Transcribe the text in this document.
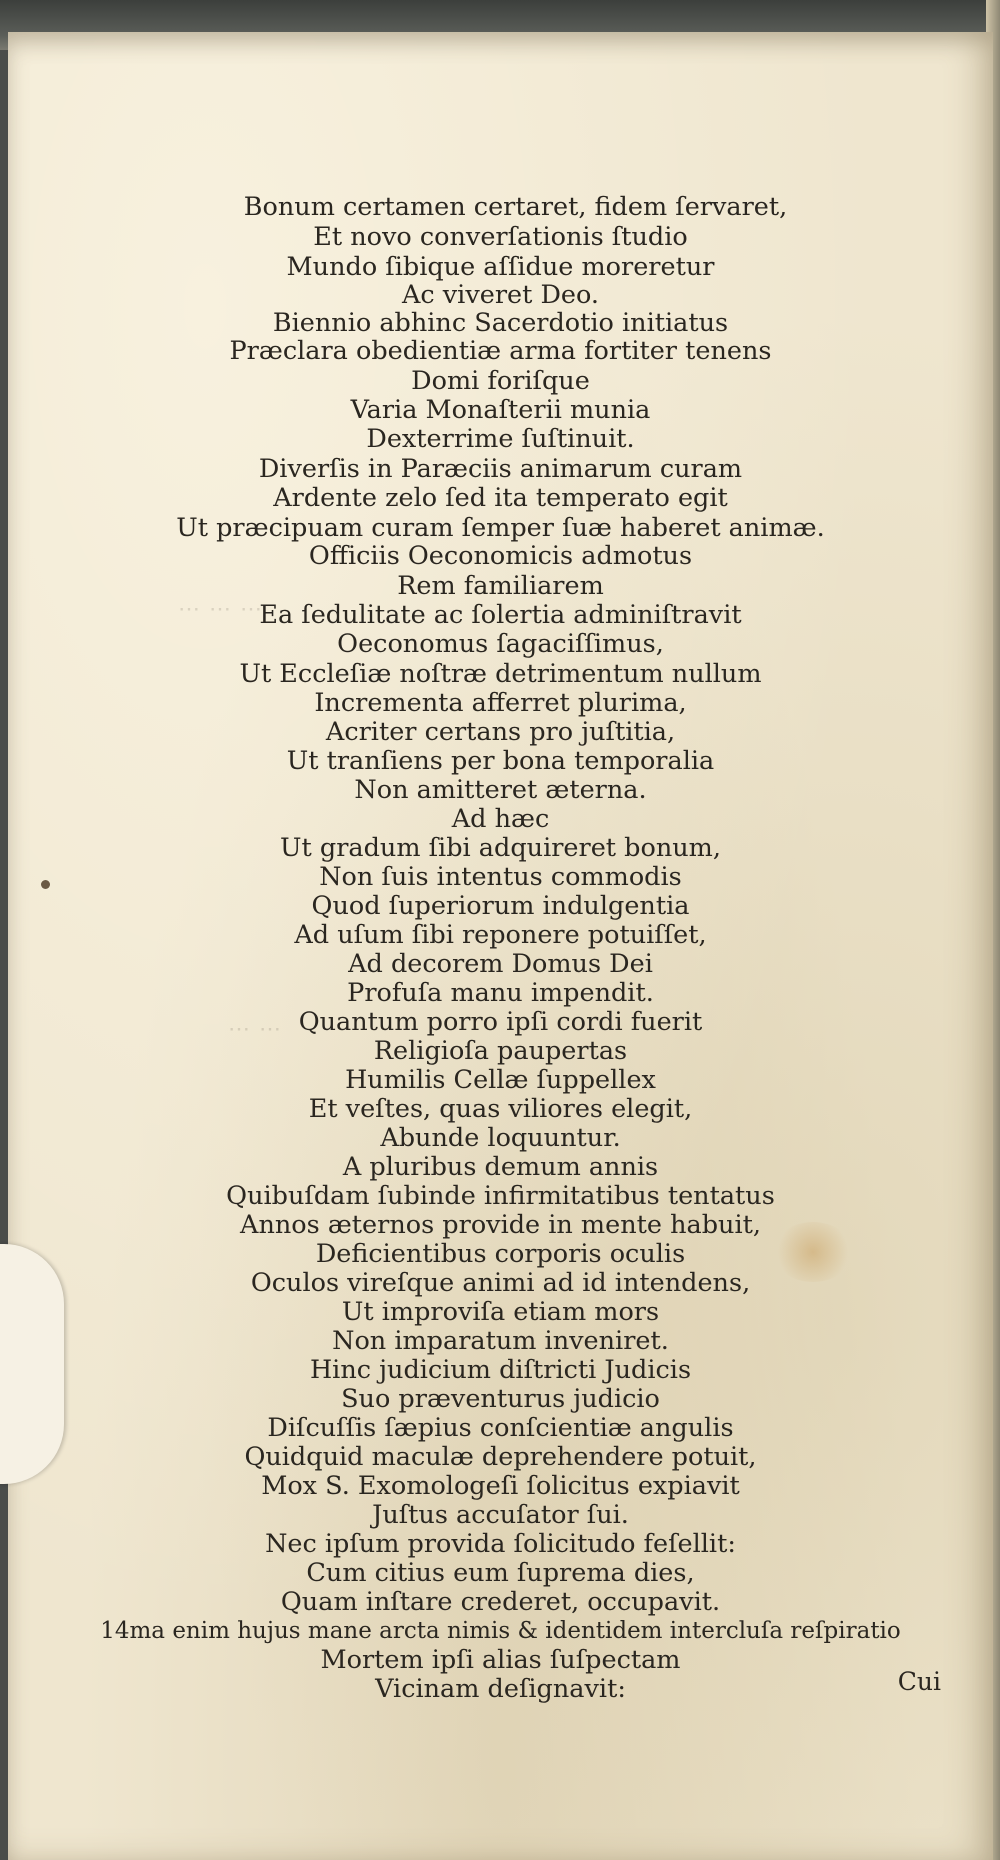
⋯ ⋯ ⋯
⋯ ⋯
Bonum certamen certaret, fidem ſervaret,
Et novo converſationis ſtudio
Mundo ſibique aſſidue moreretur
Ac viveret Deo.
Biennio abhinc Sacerdotio initiatus
Præclara obedientiæ arma fortiter tenens
Domi foriſque
Varia Monaſterii munia
Dexterrime ſuſtinuit.
Diverſis in Paræciis animarum curam
Ardente zelo ſed ita temperato egit
Ut præcipuam curam ſemper ſuæ haberet animæ.
Officiis Oeconomicis admotus
Rem familiarem
Ea ſedulitate ac ſolertia adminiſtravit
Oeconomus ſagaciſſimus,
Ut Eccleſiæ noſtræ detrimentum nullum
Incrementa afferret plurima,
Acriter certans pro juſtitia,
Ut tranſiens per bona temporalia
Non amitteret æterna.
Ad hæc
Ut gradum ſibi adquireret bonum,
Non ſuis intentus commodis
Quod ſuperiorum indulgentia
Ad uſum ſibi reponere potuiſſet,
Ad decorem Domus Dei
Profuſa manu impendit.
Quantum porro ipſi cordi fuerit
Religioſa paupertas
Humilis Cellæ ſuppellex
Et veſtes, quas viliores elegit,
Abunde loquuntur.
A pluribus demum annis
Quibuſdam ſubinde infirmitatibus tentatus
Annos æternos provide in mente habuit,
Deficientibus corporis oculis
Oculos vireſque animi ad id intendens,
Ut improviſa etiam mors
Non imparatum inveniret.
Hinc judicium diſtricti Judicis
Suo præventurus judicio
Diſcuſſis ſæpius conſcientiæ angulis
Quidquid maculæ deprehendere potuit,
Mox S. Exomologeſi ſolicitus expiavit
Juſtus accuſator ſui.
Nec ipſum provida ſolicitudo feſellit:
Cum citius eum ſuprema dies,
Quam inſtare crederet, occupavit.
14ma enim hujus mane arcta nimis & identidem intercluſa reſpiratio
Mortem ipſi alias ſuſpectam
Vicinam deſignavit:	Cui
